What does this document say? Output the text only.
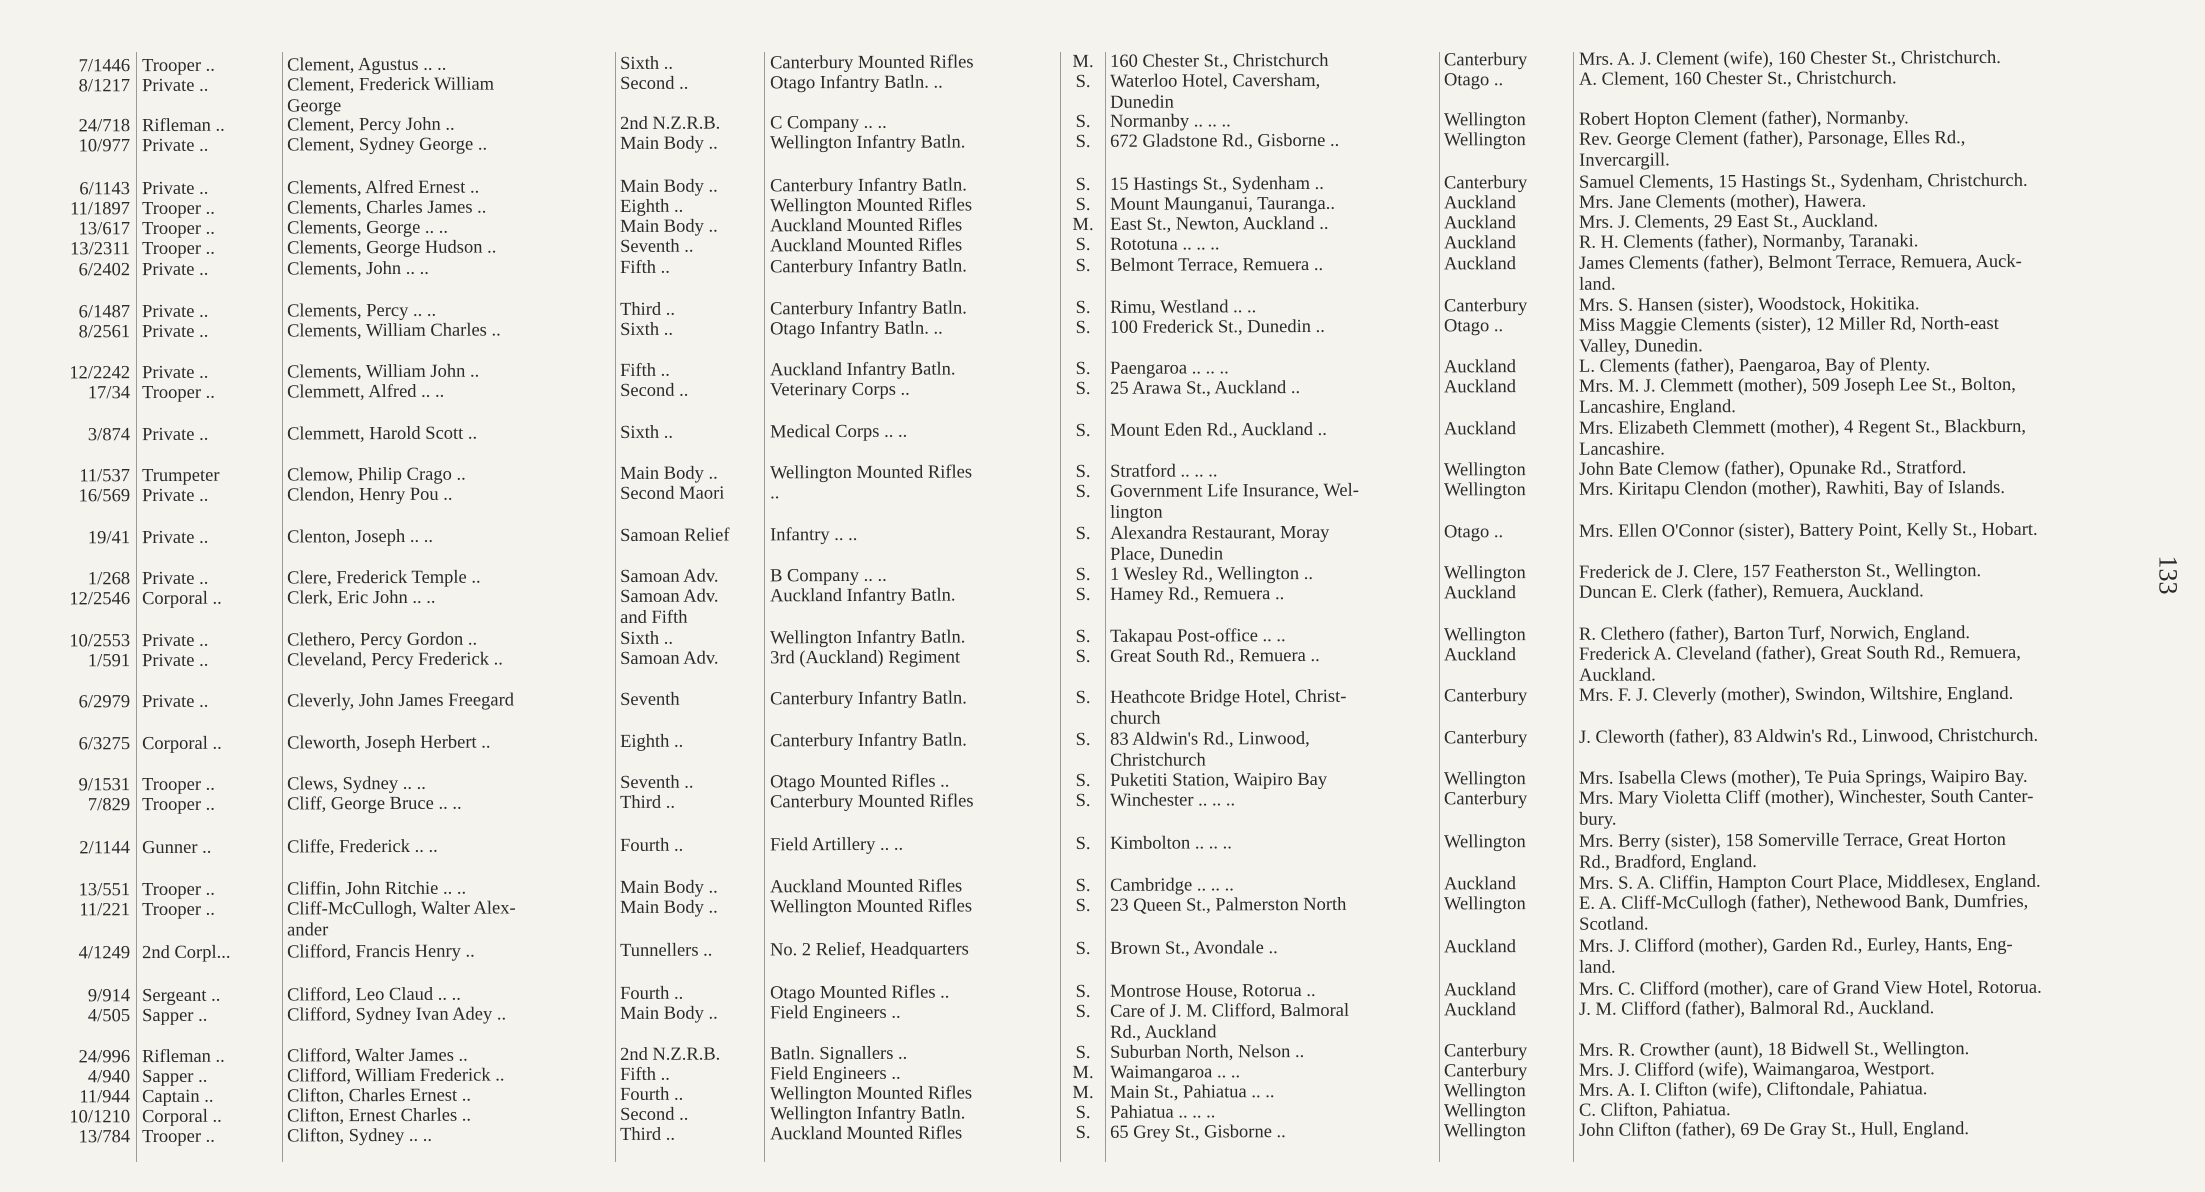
7/1446 Trooper ..	Clement, Agustus .. ..	Sixth ..	Canterbury Mounted Rifles	M. 160 Chester St., Christchurch	Canterbury	Mrs. A. J. Clement (wife), 160 Chester St., Christchurch.
8/1217 Private ..	Clement, Frederick William
George
Second ..	Otago Infantry Batln. ..	S.	Waterloo Hotel, Caversham,
Dunedin
Otago ..	A. Clement, 160 Chester St., Christchurch.
24/718 Rifleman ..	Clement, Percy John ..	2nd N.Z.R.B.	C Company .. ..	S.	Normanby .. .. ..	Wellington	Robert Hopton Clement (father), Normanby.
10/977 Private ..	Clement, Sydney George ..	Main Body ..	Wellington Infantry Batln.	S.	672 Gladstone Rd., Gisborne ..	Wellington	Rev. George Clement (father), Parsonage, Elles Rd.,
Invercargill.
6/1143 Private ..	Clements, Alfred Ernest ..	Main Body ..	Canterbury Infantry Batln.	S.	15 Hastings St., Sydenham ..	Canterbury	Samuel Clements, 15 Hastings St., Sydenham, Christchurch.
11/1897 Trooper ..	Clements, Charles James ..	Eighth ..	Wellington Mounted Rifles	S.	Mount Maunganui, Tauranga..	Auckland	Mrs. Jane Clements (mother), Hawera.
13/617 Trooper ..	Clements, George .. ..	Main Body ..	Auckland Mounted Rifles	M. East St., Newton, Auckland ..	Auckland	Mrs. J. Clements, 29 East St., Auckland.
13/2311 Trooper ..	Clements, George Hudson ..	Seventh ..	Auckland Mounted Rifles	S.	Rototuna .. .. ..	Auckland	R. H. Clements (father), Normanby, Taranaki.
6/2402 Private ..	Clements, John .. ..	Fifth ..	Canterbury Infantry Batln.	S.	Belmont Terrace, Remuera ..	Auckland	James Clements (father), Belmont Terrace, Remuera, Auck-
land.
6/1487 Private ..	Clements, Percy .. ..	Third ..	Canterbury Infantry Batln.	S.	Rimu, Westland .. ..	Canterbury	Mrs. S. Hansen (sister), Woodstock, Hokitika.
8/2561 Private ..	Clements, William Charles ..	Sixth ..	Otago Infantry Batln. ..	S.	100 Frederick St., Dunedin ..	Otago ..	Miss Maggie Clements (sister), 12 Miller Rd, North-east
Valley, Dunedin.
12/2242 Private ..	Clements, William John ..	Fifth ..	Auckland Infantry Batln.	S.	Paengaroa .. .. ..	Auckland	L. Clements (father), Paengaroa, Bay of Plenty.
17/34 Trooper ..	Clemmett, Alfred .. ..	Second ..	Veterinary Corps ..	S.	25 Arawa St., Auckland ..	Auckland	Mrs. M. J. Clemmett (mother), 509 Joseph Lee St., Bolton,
Lancashire, England.
3/874 Private ..	Clemmett, Harold Scott ..	Sixth ..	Medical Corps .. ..	S.	Mount Eden Rd., Auckland ..	Auckland	Mrs. Elizabeth Clemmett (mother), 4 Regent St., Blackburn,
Lancashire.
11/537 Trumpeter	Clemow, Philip Crago ..	Main Body ..	Wellington Mounted Rifles	S.	Stratford .. .. ..	Wellington	John Bate Clemow (father), Opunake Rd., Stratford.
16/569 Private ..	Clendon, Henry Pou ..	Second Maori	..	S.	Government Life Insurance, Wel-
lington
Wellington	Mrs. Kiritapu Clendon (mother), Rawhiti, Bay of Islands.
19/41 Private ..	Clenton, Joseph .. ..	Samoan Relief	Infantry .. ..	S.	Alexandra Restaurant, Moray
Place, Dunedin
Otago ..	Mrs. Ellen O'Connor (sister), Battery Point, Kelly St., Hobart.
1/268 Private ..	Clere, Frederick Temple ..	Samoan Adv.	B Company .. ..	S.	1 Wesley Rd., Wellington ..	Wellington	Frederick de J. Clere, 157 Featherston St., Wellington.
12/2546 Corporal ..	Clerk, Eric John .. ..	Samoan Adv.
and Fifth
Auckland Infantry Batln.	S.	Hamey Rd., Remuera ..	Auckland	Duncan E. Clerk (father), Remuera, Auckland.
10/2553 Private ..	Clethero, Percy Gordon ..	Sixth ..	Wellington Infantry Batln.	S.	Takapau Post-office .. ..	Wellington	R. Clethero (father), Barton Turf, Norwich, England.
1/591 Private ..	Cleveland, Percy Frederick ..	Samoan Adv.	3rd (Auckland) Regiment	S.	Great South Rd., Remuera ..	Auckland	Frederick A. Cleveland (father), Great South Rd., Remuera,
Auckland.
6/2979 Private ..	Cleverly, John James Freegard	Seventh	Canterbury Infantry Batln.	S.	Heathcote Bridge Hotel, Christ-
church
Canterbury	Mrs. F. J. Cleverly (mother), Swindon, Wiltshire, England.
6/3275 Corporal ..	Cleworth, Joseph Herbert ..	Eighth ..	Canterbury Infantry Batln.	S.	83 Aldwin's Rd., Linwood,
Christchurch
Canterbury	J. Cleworth (father), 83 Aldwin's Rd., Linwood, Christchurch.
9/1531 Trooper ..	Clews, Sydney .. ..	Seventh ..	Otago Mounted Rifles ..	S.	Puketiti Station, Waipiro Bay	Wellington	Mrs. Isabella Clews (mother), Te Puia Springs, Waipiro Bay.
7/829 Trooper ..	Cliff, George Bruce .. ..	Third ..	Canterbury Mounted Rifles	S.	Winchester .. .. ..	Canterbury	Mrs. Mary Violetta Cliff (mother), Winchester, South Canter-
bury.
2/1144 Gunner ..	Cliffe, Frederick .. ..	Fourth ..	Field Artillery .. ..	S.	Kimbolton .. .. ..	Wellington	Mrs. Berry (sister), 158 Somerville Terrace, Great Horton
Rd., Bradford, England.
13/551 Trooper ..	Cliffin, John Ritchie .. ..	Main Body ..	Auckland Mounted Rifles	S.	Cambridge .. .. ..	Auckland	Mrs. S. A. Cliffin, Hampton Court Place, Middlesex, England.
11/221 Trooper ..	Cliff-McCullogh, Walter Alex-
ander
Main Body ..	Wellington Mounted Rifles	S.	23 Queen St., Palmerston North	Wellington	E. A. Cliff-McCullogh (father), Nethewood Bank, Dumfries,
Scotland.
4/1249 2nd Corpl...	Clifford, Francis Henry ..	Tunnellers ..	No. 2 Relief, Headquarters	S.	Brown St., Avondale ..	Auckland	Mrs. J. Clifford (mother), Garden Rd., Eurley, Hants, Eng-
land.
9/914 Sergeant ..	Clifford, Leo Claud .. ..	Fourth ..	Otago Mounted Rifles ..	S.	Montrose House, Rotorua ..	Auckland	Mrs. C. Clifford (mother), care of Grand View Hotel, Rotorua.
4/505 Sapper ..	Clifford, Sydney Ivan Adey ..	Main Body ..	Field Engineers ..	S.	Care of J. M. Clifford, Balmoral
Rd., Auckland
Auckland	J. M. Clifford (father), Balmoral Rd., Auckland.
24/996 Rifleman ..	Clifford, Walter James ..	2nd N.Z.R.B.	Batln. Signallers ..	S.	Suburban North, Nelson ..	Canterbury	Mrs. R. Crowther (aunt), 18 Bidwell St., Wellington.
4/940 Sapper ..	Clifford, William Frederick ..	Fifth ..	Field Engineers ..	M. Waimangaroa .. ..	Canterbury	Mrs. J. Clifford (wife), Waimangaroa, Westport.
11/944 Captain ..	Clifton, Charles Ernest ..	Fourth ..	Wellington Mounted Rifles	M. Main St., Pahiatua .. ..	Wellington	Mrs. A. I. Clifton (wife), Cliftondale, Pahiatua.
10/1210 Corporal ..	Clifton, Ernest Charles ..	Second ..	Wellington Infantry Batln.	S.	Pahiatua .. .. ..	Wellington	C. Clifton, Pahiatua.
13/784 Trooper ..	Clifton, Sydney .. ..	Third ..	Auckland Mounted Rifles	S.	65 Grey St., Gisborne ..	Wellington	John Clifton (father), 69 De Gray St., Hull, England.
133
